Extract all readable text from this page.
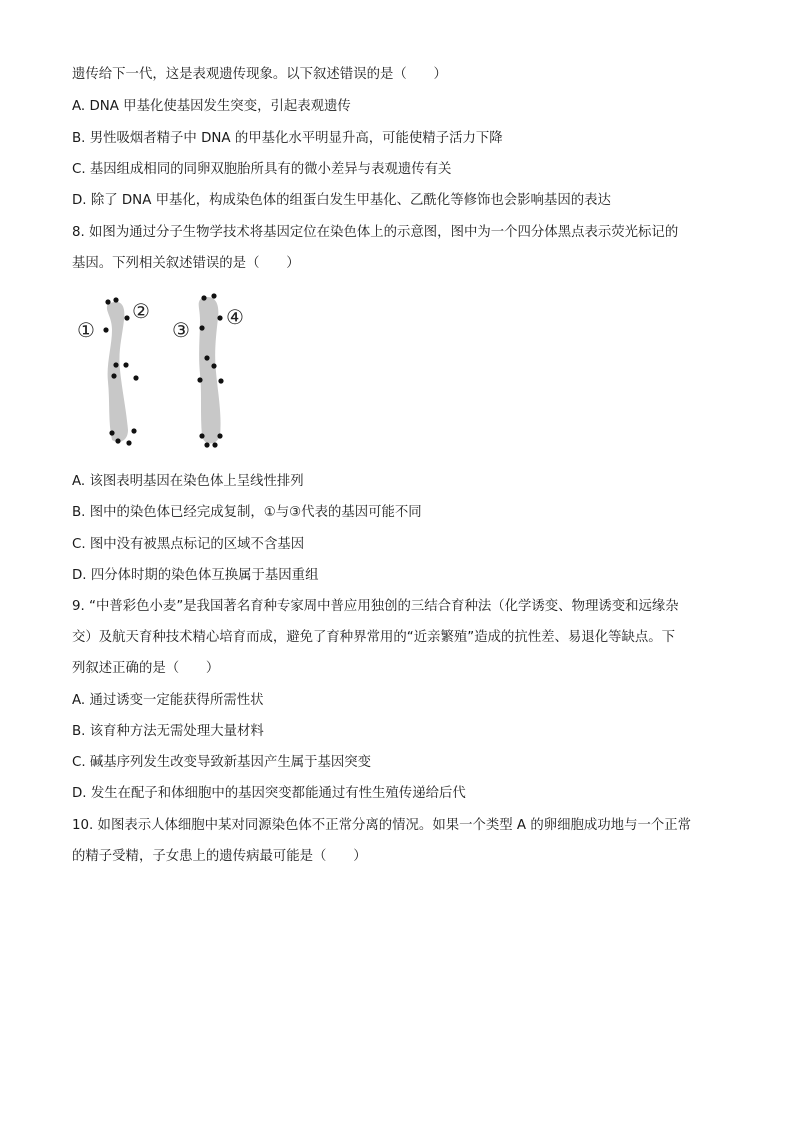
遗传给下一代，这是表观遗传现象。以下叙述错误的是（　　）
A. DNA 甲基化使基因发生突变，引起表观遗传
B. 男性吸烟者精子中 DNA 的甲基化水平明显升高，可能使精子活力下降
C. 基因组成相同的同卵双胞胎所具有的微小差异与表观遗传有关
D. 除了 DNA 甲基化，构成染色体的组蛋白发生甲基化、乙酰化等修饰也会影响基因的表达
8. 如图为通过分子生物学技术将基因定位在染色体上的示意图，图中为一个四分体黑点表示荧光标记的
基因。下列相关叙述错误的是（　　）
①
②
③
④
A. 该图表明基因在染色体上呈线性排列
B. 图中的染色体已经完成复制，①与③代表的基因可能不同
C. 图中没有被黑点标记的区域不含基因
D. 四分体时期的染色体互换属于基因重组
9. “中普彩色小麦”是我国著名育种专家周中普应用独创的三结合育种法（化学诱变、物理诱变和远缘杂
交）及航天育种技术精心培育而成，避免了育种界常用的“近亲繁殖”造成的抗性差、易退化等缺点。下
列叙述正确的是（　　）
A. 通过诱变一定能获得所需性状
B. 该育种方法无需处理大量材料
C. 碱基序列发生改变导致新基因产生属于基因突变
D. 发生在配子和体细胞中的基因突变都能通过有性生殖传递给后代
10. 如图表示人体细胞中某对同源染色体不正常分离的情况。如果一个类型 A 的卵细胞成功地与一个正常
的精子受精，子女患上的遗传病最可能是（　　）
